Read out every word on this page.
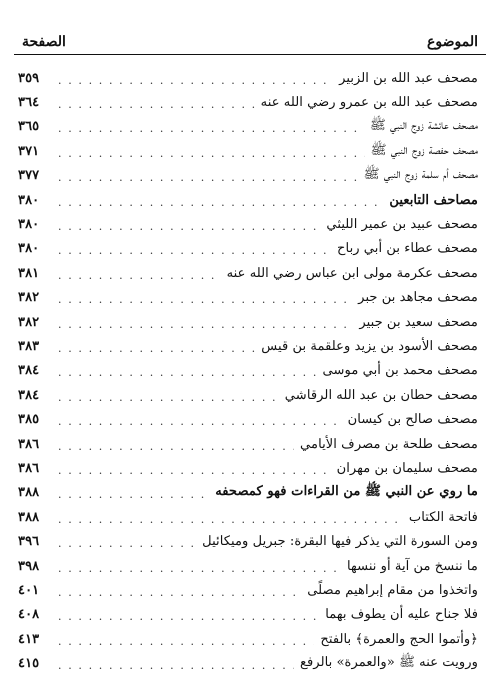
الموضوع
الصفحة
مصحف عبد الله بن الزبير
. . .
٣٥٩
مصحف عبد الله بن عمرو رضي الله عنه
. . .
٣٦٤
مصحف عائشة زوج النبي ﷺ
. . .
٣٦٥
مصحف حفصة زوج النبي ﷺ
. . .
٣٧١
مصحف أم سلمة زوج النبي ﷺ
. . .
٣٧٧
مصاحف التابعين
. . .
٣٨٠
مصحف عبيد بن عمير الليثي
. . .
٣٨٠
مصحف عطاء بن أبي رباح
. . .
٣٨٠
مصحف عكرمة مولى ابن عباس رضي الله عنه
. . .
٣٨١
مصحف مجاهد بن جبر
. . .
٣٨٢
مصحف سعيد بن جبير
. . .
٣٨٢
مصحف الأسود بن يزيد وعلقمة بن قيس
. . .
٣٨٣
مصحف محمد بن أبي موسى
. . .
٣٨٤
مصحف حطان بن عبد الله الرقاشي
. . .
٣٨٤
مصحف صالح بن كيسان
. . .
٣٨٥
مصحف طلحة بن مصرف الأيامي
. . .
٣٨٦
مصحف سليمان بن مهران
. . .
٣٨٦
ما روي عن النبي ﷺ من القراءات فهو كمصحفه
. . .
٣٨٨
فاتحة الكتاب
. . .
٣٨٨
ومن السورة التي يذكر فيها البقرة: جبريل وميكائيل
. . .
٣٩٦
ما ننسخ من آية أو ننسها
. . .
٣٩٨
واتخذوا من مقام إبراهيم مصلًى
. . .
٤٠١
فلا جناح عليه أن يطوف بهما
. . .
٤٠٨
﴿وأتموا الحج والعمرة﴾ بالفتح
. . .
٤١٣
ورويت عنه ﷺ «والعمرة» بالرفع
. . .
٤١٥
